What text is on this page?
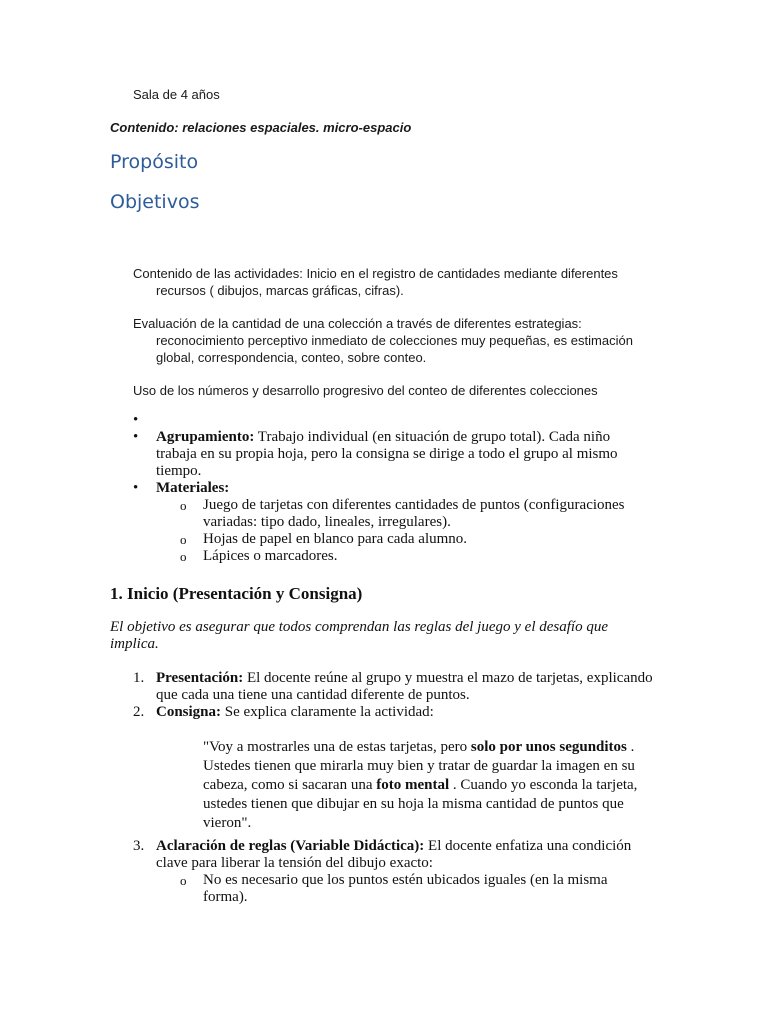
Sala de 4 años
Contenido: relaciones espaciales. micro-espacio
Propósito
Objetivos
Contenido de las actividades: Inicio en el registro de cantidades mediante diferentes
recursos ( dibujos, marcas gráficas, cifras).
Evaluación de la cantidad de una colección a través de diferentes estrategias:
reconocimiento perceptivo inmediato de colecciones muy pequeñas, es estimación
global, correspondencia, conteo, sobre conteo.
Uso de los números y desarrollo progresivo del conteo de diferentes colecciones
•

• Agrupamiento: Trabajo individual (en situación de grupo total). Cada niño trabaja en su propia hoja, pero la consigna se dirige a todo el grupo al mismo tiempo.
• Materiales:
o Juego de tarjetas con diferentes cantidades de puntos (configuraciones variadas: tipo dado, lineales, irregulares).
o Hojas de papel en blanco para cada alumno.
o Lápices o marcadores.
1. Inicio (Presentación y Consigna)
El objetivo es asegurar que todos comprendan las reglas del juego y el desafío que implica.
1. Presentación: El docente reúne al grupo y muestra el mazo de tarjetas, explicando que cada una tiene una cantidad diferente de puntos.
2. Consigna: Se explica claramente la actividad:
"Voy a mostrarles una de estas tarjetas, pero solo por unos segunditos . Ustedes tienen que mirarla muy bien y tratar de guardar la imagen en su cabeza, como si sacaran una foto mental . Cuando yo esconda la tarjeta, ustedes tienen que dibujar en su hoja la misma cantidad de puntos que vieron".
3. Aclaración de reglas (Variable Didáctica): El docente enfatiza una condición clave para liberar la tensión del dibujo exacto:
o No es necesario que los puntos estén ubicados iguales (en la misma forma).
